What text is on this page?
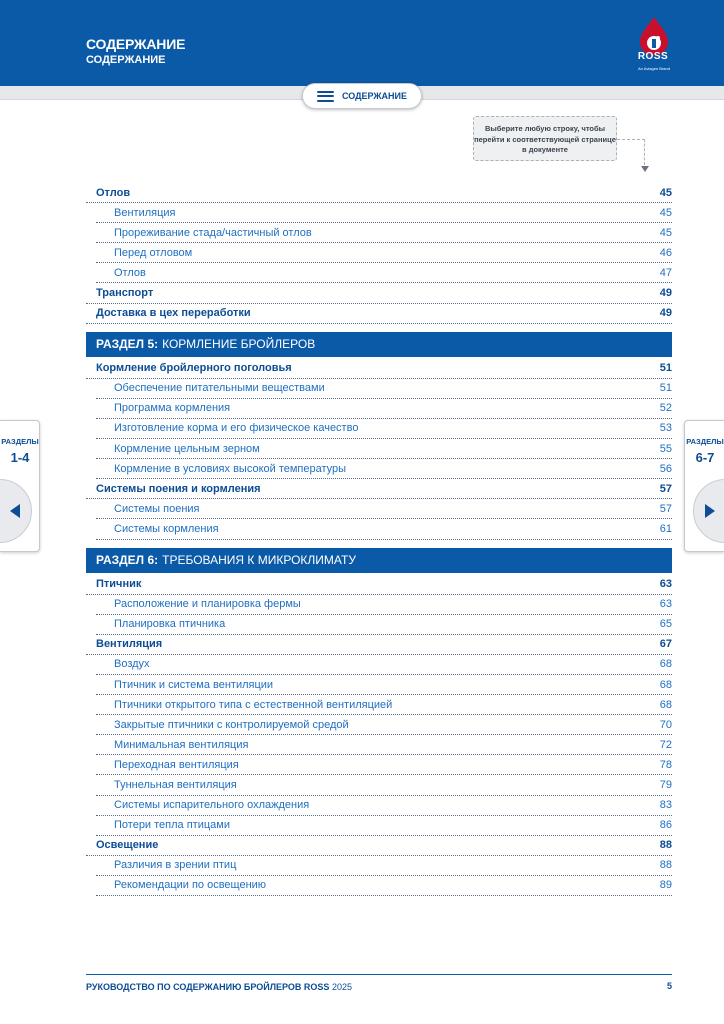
СОДЕРЖАНИЕ
СОДЕРЖАНИЕ	ROSS
An Aviagen Brand
СОДЕРЖАНИЕ
Выберите любую строку, чтобы перейти к соответствующей странице в документе
Отлов	45
Вентиляция	45
Прореживание стада/частичный отлов	45
Перед отловом	46
Отлов	47
Транспорт	49
Доставка в цех переработки	49
РАЗДЕЛ 5: КОРМЛЕНИЕ БРОЙЛЕРОВ
Кормление бройлерного поголовья	51
Обеспечение питательными веществами	51
Программа кормления	52
Изготовление корма и его физическое качество	53
Кормление цельным зерном	55
Кормление в условиях высокой температуры	56
Системы поения и кормления	57
Системы поения	57
Системы кормления	61
РАЗДЕЛ 6: ТРЕБОВАНИЯ К МИКРОКЛИМАТУ
Птичник	63
Расположение и планировка фермы	63
Планировка птичника	65
Вентиляция	67
Воздух	68
Птичник и система вентиляции	68
Птичники открытого типа с естественной вентиляцией	68
Закрытые птичники с контролируемой средой	70
Минимальная вентиляция	72
Переходная вентиляция	78
Туннельная вентиляция	79
Системы испарительного охлаждения	83
Потери тепла птицами	86
Освещение	88
Различия в зрении птиц	88
Рекомендации по освещению	89
РАЗДЕЛЫ
1-4
РАЗДЕЛЫ
6-7
РУКОВОДСТВО ПО СОДЕРЖАНИЮ БРОЙЛЕРОВ ROSS 2025	5
